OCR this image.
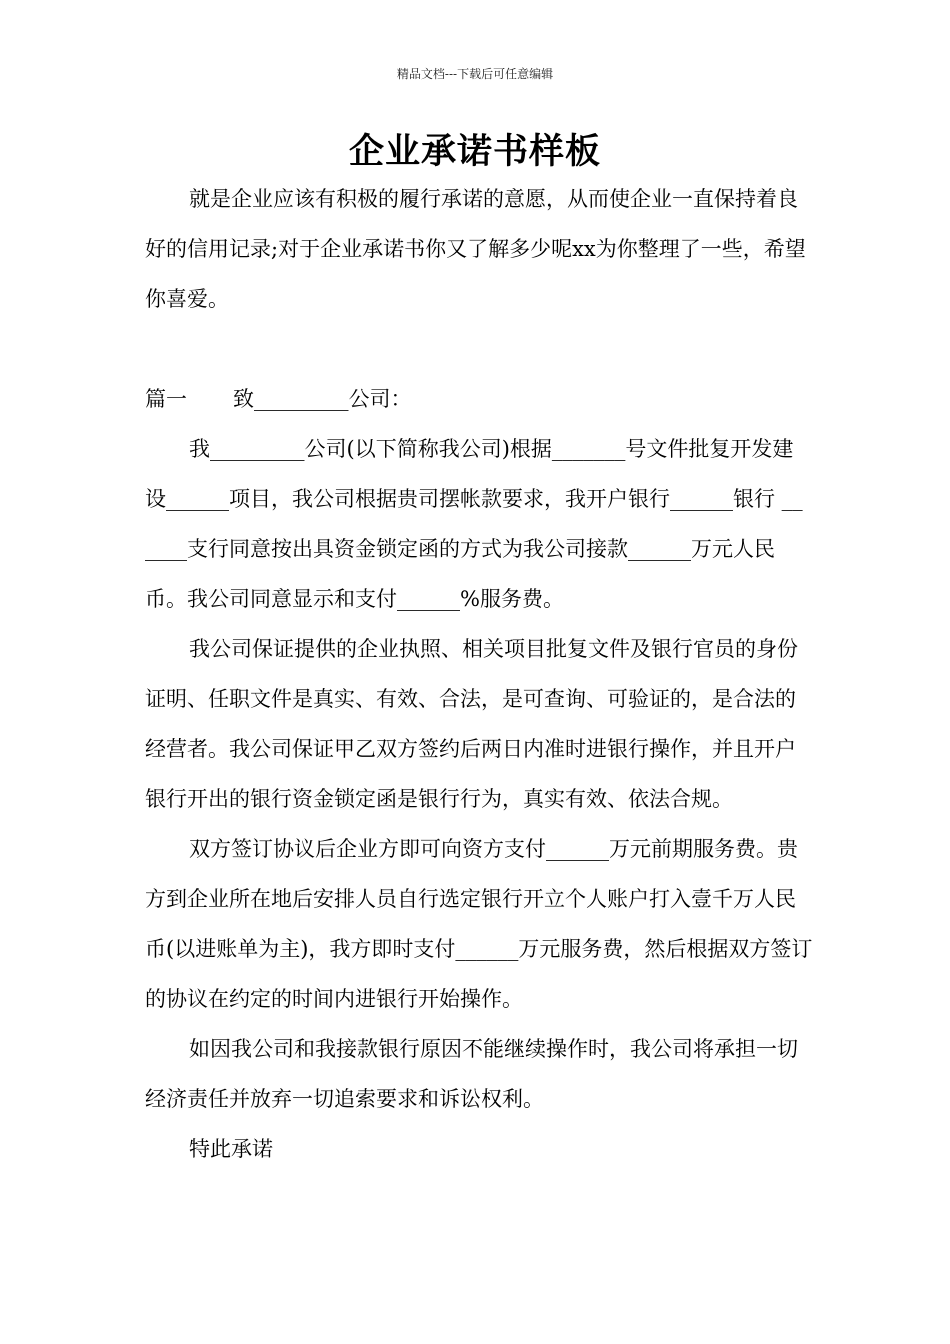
精品文档---下载后可任意编辑
企业承诺书样板

就是企业应该有积极的履行承诺的意愿，从而使企业一直保持着良好的信用记录;对于企业承诺书你又了解多少呢xx为你整理了一些，希望你喜爱。

篇一	致_________公司：

我_________公司(以下简称我公司)根据_______号文件批复开发建设______项目，我公司根据贵司摆帐款要求，我开户银行______银行 ______支行同意按出具资金锁定函的方式为我公司接款______万元人民币。我公司同意显示和支付______%服务费。

我公司保证提供的企业执照、相关项目批复文件及银行官员的身份证明、任职文件是真实、有效、合法，是可查询、可验证的，是合法的经营者。我公司保证甲乙双方签约后两日内准时进银行操作，并且开户银行开出的银行资金锁定函是银行行为，真实有效、依法合规。

双方签订协议后企业方即可向资方支付______万元前期服务费。贵方到企业所在地后安排人员自行选定银行开立个人账户打入壹千万人民币(以进账单为主)，我方即时支付______万元服务费，然后根据双方签订的协议在约定的时间内进银行开始操作。

如因我公司和我接款银行原因不能继续操作时，我公司将承担一切经济责任并放弃一切追索要求和诉讼权利。

特此承诺
